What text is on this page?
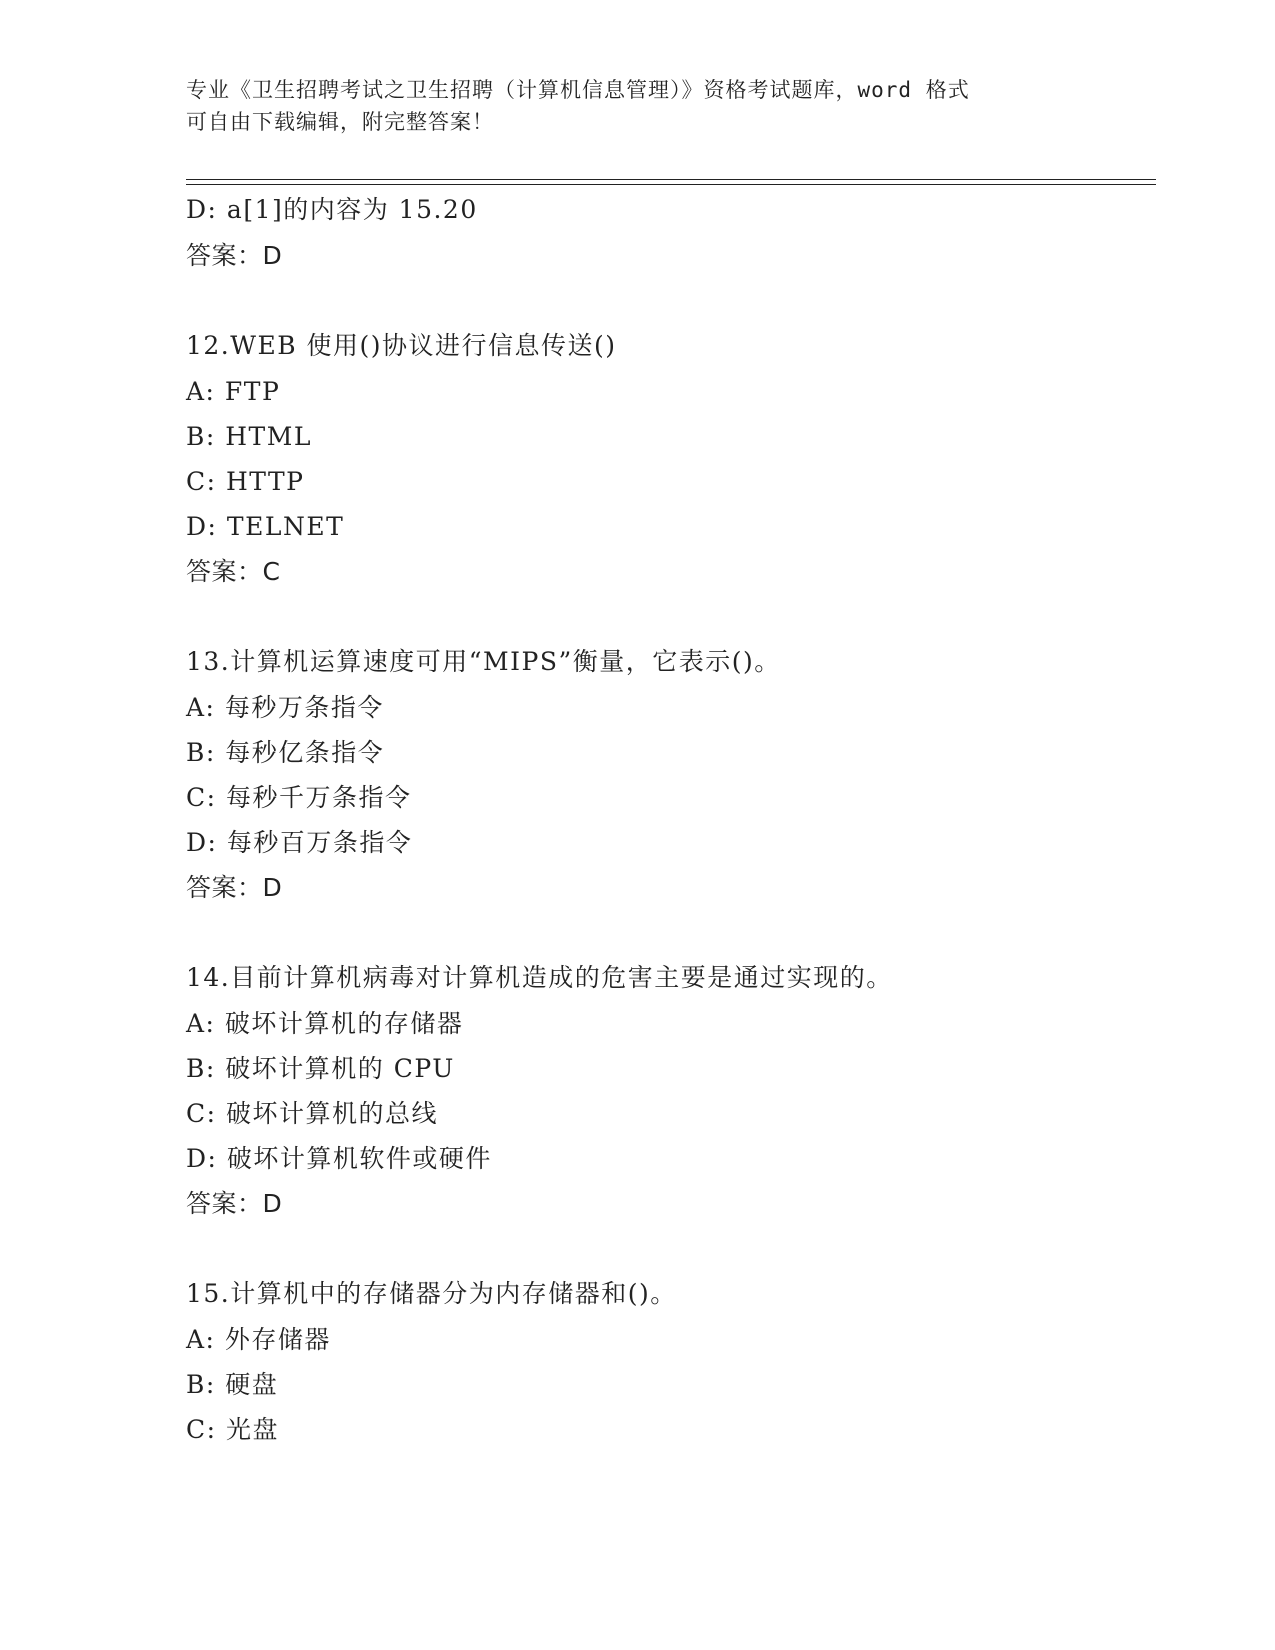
专业《卫生招聘考试之卫生招聘（计算机信息管理）》资格考试题库，word 格式
可自由下载编辑，附完整答案！
D: a[1]的内容为 15.20
答案：D
12.WEB 使用()协议进行信息传送()
A: FTP
B: HTML
C: HTTP
D: TELNET
答案：C
13.计算机运算速度可用“MIPS”衡量，它表示()。
A: 每秒万条指令
B: 每秒亿条指令
C: 每秒千万条指令
D: 每秒百万条指令
答案：D
14.目前计算机病毒对计算机造成的危害主要是通过实现的。
A: 破坏计算机的存储器
B: 破坏计算机的 CPU
C: 破坏计算机的总线
D: 破坏计算机软件或硬件
答案：D
15.计算机中的存储器分为内存储器和()。
A: 外存储器
B: 硬盘
C: 光盘
